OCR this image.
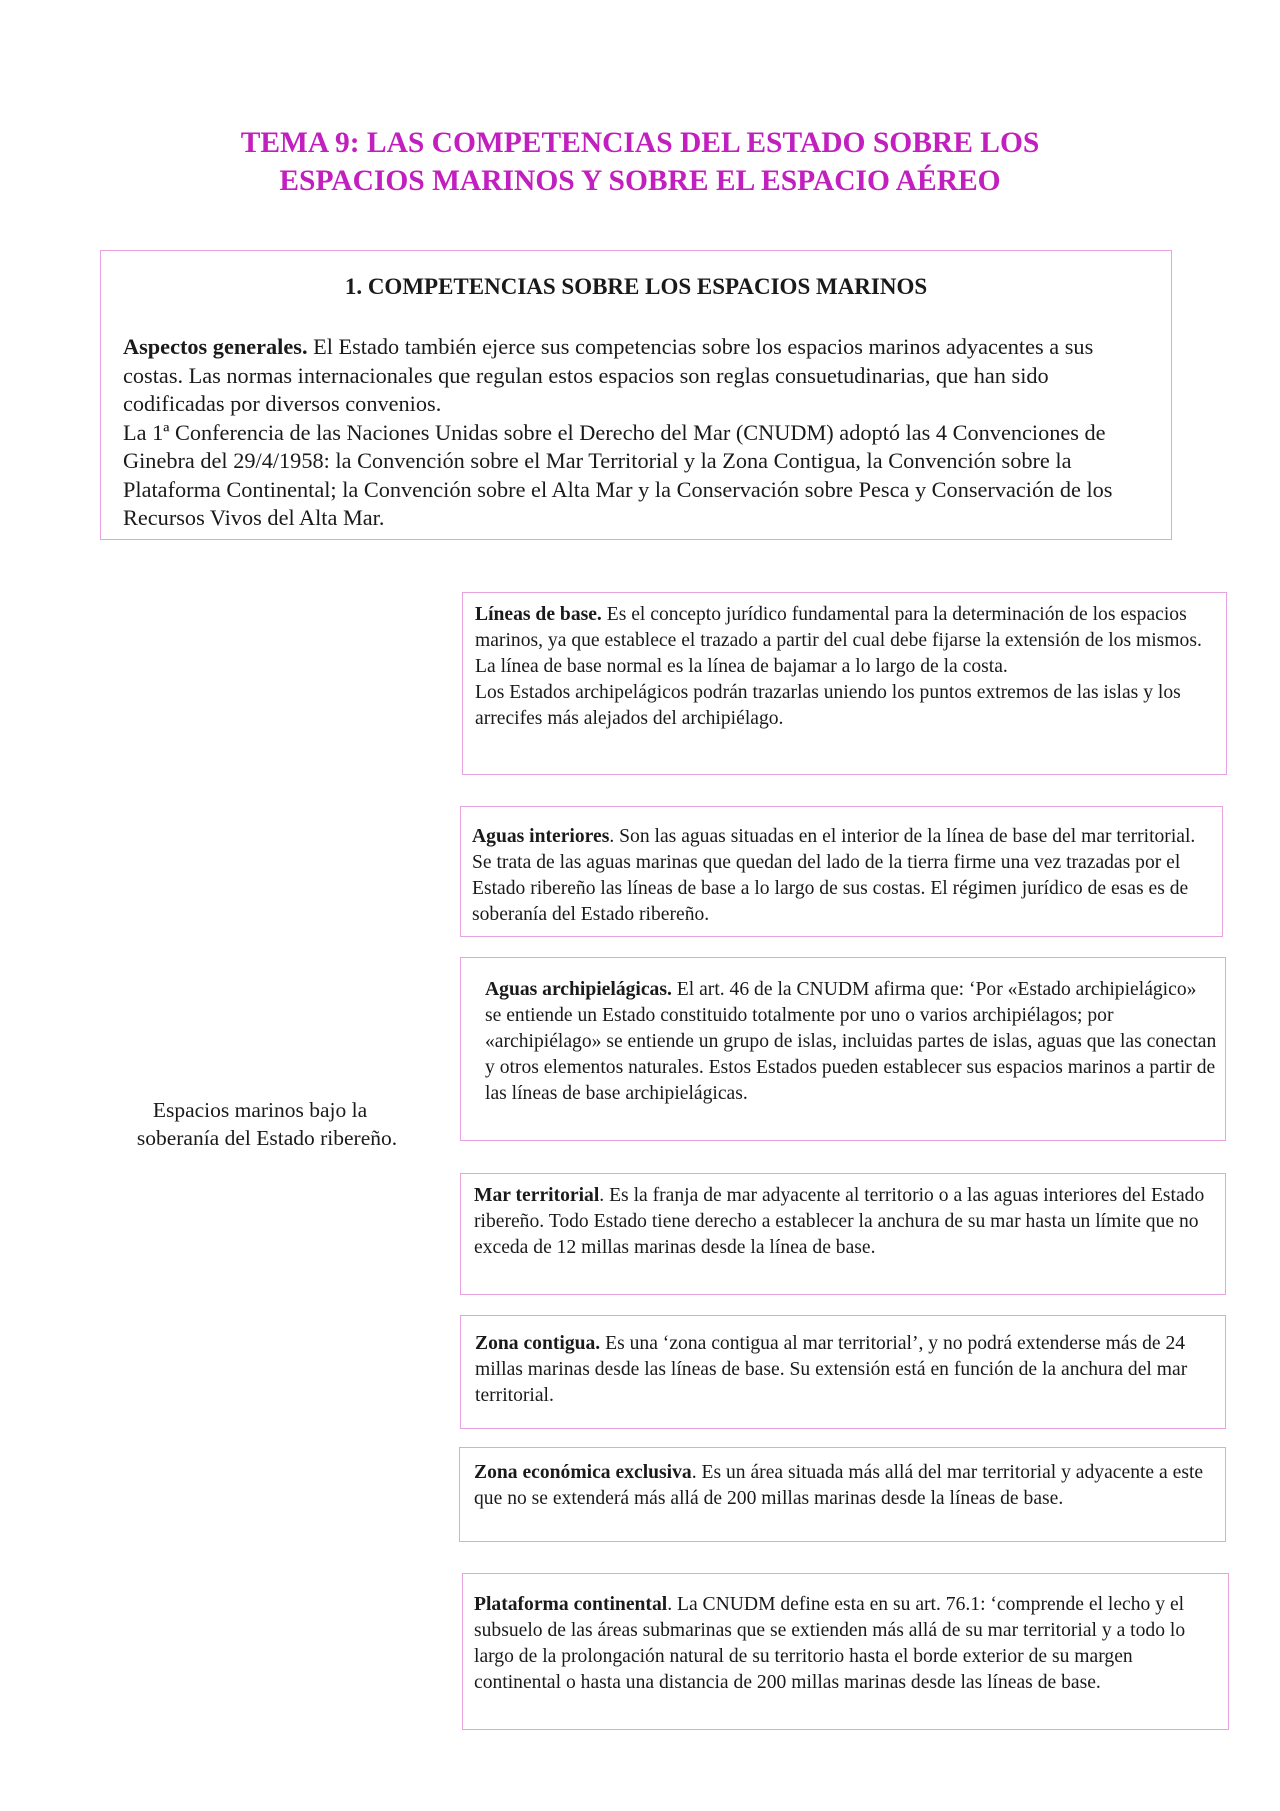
TEMA 9: LAS COMPETENCIAS DEL ESTADO SOBRE LOS
ESPACIOS MARINOS Y SOBRE EL ESPACIO AÉREO
1. COMPETENCIAS SOBRE LOS ESPACIOS MARINOS

Aspectos generales. El Estado también ejerce sus competencias sobre los espacios marinos adyacentes a sus costas. Las normas internacionales que regulan estos espacios son reglas consuetudinarias, que han sido codificadas por diversos convenios.

La 1ª Conferencia de las Naciones Unidas sobre el Derecho del Mar (CNUDM) adoptó las 4 Convenciones de Ginebra del 29/4/1958: la Convención sobre el Mar Territorial y la Zona Contigua, la Convención sobre la Plataforma Continental; la Convención sobre el Alta Mar y la Conservación sobre Pesca y Conservación de los Recursos Vivos del Alta Mar.

Espacios marinos bajo la
soberanía del Estado ribereño.

Líneas de base. Es el concepto jurídico fundamental para la determinación de los espacios marinos, ya que establece el trazado a partir del cual debe fijarse la extensión de los mismos.

La línea de base normal es la línea de bajamar a lo largo de la costa.

Los Estados archipelágicos podrán trazarlas uniendo los puntos extremos de las islas y los arrecifes más alejados del archipiélago.

Aguas interiores. Son las aguas situadas en el interior de la línea de base del mar territorial. Se trata de las aguas marinas que quedan del lado de la tierra firme una vez trazadas por el Estado ribereño las líneas de base a lo largo de sus costas. El régimen jurídico de esas es de soberanía del Estado ribereño.

Aguas archipielágicas. El art. 46 de la CNUDM afirma que: ‘Por «Estado archipielágico» se entiende un Estado constituido totalmente por uno o varios archipiélagos; por «archipiélago» se entiende un grupo de islas, incluidas partes de islas, aguas que las conectan y otros elementos naturales. Estos Estados pueden establecer sus espacios marinos a partir de las líneas de base archipielágicas.

Mar territorial. Es la franja de mar adyacente al territorio o a las aguas interiores del Estado ribereño. Todo Estado tiene derecho a establecer la anchura de su mar hasta un límite que no exceda de 12 millas marinas desde la línea de base.

Zona contigua. Es una ‘zona contigua al mar territorial’, y no podrá extenderse más de 24 millas marinas desde las líneas de base. Su extensión está en función de la anchura del mar territorial.

Zona económica exclusiva. Es un área situada más allá del mar territorial y adyacente a este que no se extenderá más allá de 200 millas marinas desde la líneas de base.

Plataforma continental. La CNUDM define esta en su art. 76.1: ‘comprende el lecho y el subsuelo de las áreas submarinas que se extienden más allá de su mar territorial y a todo lo largo de la prolongación natural de su territorio hasta el borde exterior de su margen continental o hasta una distancia de 200 millas marinas desde las líneas de base.
